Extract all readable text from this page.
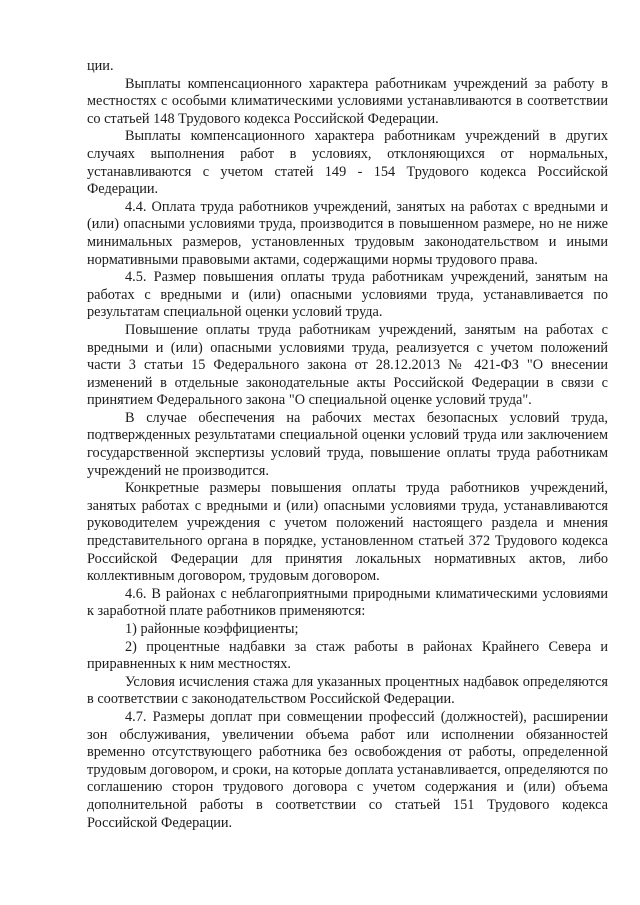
ции.

Выплаты компенсационного характера работникам учреждений за работу в местностях с особыми климатическими условиями устанавливаются в соответствии со статьей 148 Трудового кодекса Российской Федерации.

Выплаты компенсационного характера работникам учреждений в других случаях выполнения работ в условиях, отклоняющихся от нормальных, устанавливаются с учетом статей 149 - 154 Трудового кодекса Российской Федерации.

4.4. Оплата труда работников учреждений, занятых на работах с вредными и (или) опасными условиями труда, производится в повышенном размере, но не ниже минимальных размеров, установленных трудовым законодательством и иными нормативными правовыми актами, содержащими нормы трудового права.

4.5. Размер повышения оплаты труда работникам учреждений, занятым на работах с вредными и (или) опасными условиями труда, устанавливается по результатам специальной оценки условий труда.

Повышение оплаты труда работникам учреждений, занятым на работах с вредными и (или) опасными условиями труда, реализуется с учетом положений части 3 статьи 15 Федерального закона от 28.12.2013 № 421-ФЗ "О внесении изменений в отдельные законодательные акты Российской Федерации в связи с принятием Федерального закона "О специальной оценке условий труда".

В случае обеспечения на рабочих местах безопасных условий труда, подтвержденных результатами специальной оценки условий труда или заключением государственной экспертизы условий труда, повышение оплаты труда работникам учреждений не производится.

Конкретные размеры повышения оплаты труда работников учреждений, занятых работах с вредными и (или) опасными условиями труда, устанавливаются руководителем учреждения с учетом положений настоящего раздела и мнения представительного органа в порядке, установленном статьей 372 Трудового кодекса Российской Федерации для принятия локальных нормативных актов, либо коллективным договором, трудовым договором.

4.6. В районах с неблагоприятными природными климатическими условиями к заработной плате работников применяются:

1) районные коэффициенты;

2) процентные надбавки за стаж работы в районах Крайнего Севера и приравненных к ним местностях.

Условия исчисления стажа для указанных процентных надбавок определяются в соответствии с законодательством Российской Федерации.

4.7. Размеры доплат при совмещении профессий (должностей), расширении зон обслуживания, увеличении объема работ или исполнении обязанностей временно отсутствующего работника без освобождения от работы, определенной трудовым договором, и сроки, на которые доплата устанавливается, определяются по соглашению сторон трудового договора с учетом содержания и (или) объема дополнительной работы в соответствии со статьей 151 Трудового кодекса Российской Федерации.
